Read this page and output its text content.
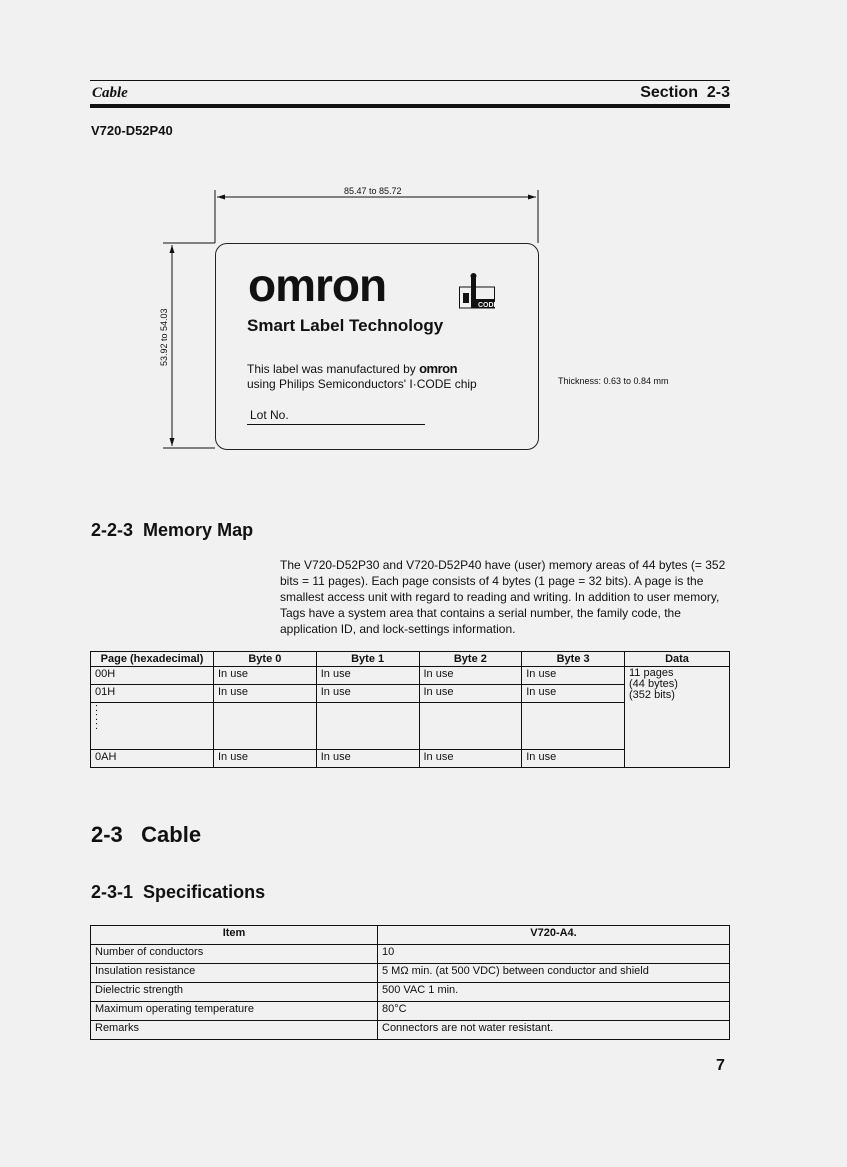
Cable	Section 2-3
V720-D52P40
85.47 to 85.72
53.92 to 54.03
omron	CODE
Smart Label Technology
This label was manufactured by omron
using Philips Semiconductors' I·CODE chip
Lot No.
Thickness: 0.63 to 0.84 mm
2-2-3 Memory Map
The V720-D52P30 and V720-D52P40 have (user) memory areas of 44 bytes (= 352 bits = 11 pages). Each page consists of 4 bytes (1 page = 32 bits). A page is the smallest access unit with regard to reading and writing. In addition to user memory, Tags have a system area that contains a serial number, the family code, the application ID, and lock-settings information.
Page (hexadecimal)	Byte 0	Byte 1	Byte 2	Byte 3	Data
00H	In use	In use	In use	In use	11 pages
(44 bytes)
(352 bits)

01H	In use	In use	In use	In use	
:
:
:					
0AH	In use	In use	In use	In use	
2-3 Cable
2-3-1 Specifications
Item	V720-A4.
Number of conductors	10
Insulation resistance	5 MΩ min. (at 500 VDC) between conductor and shield
Dielectric strength	500 VAC 1 min.
Maximum operating temperature	80°C
Remarks	Connectors are not water resistant.
7
